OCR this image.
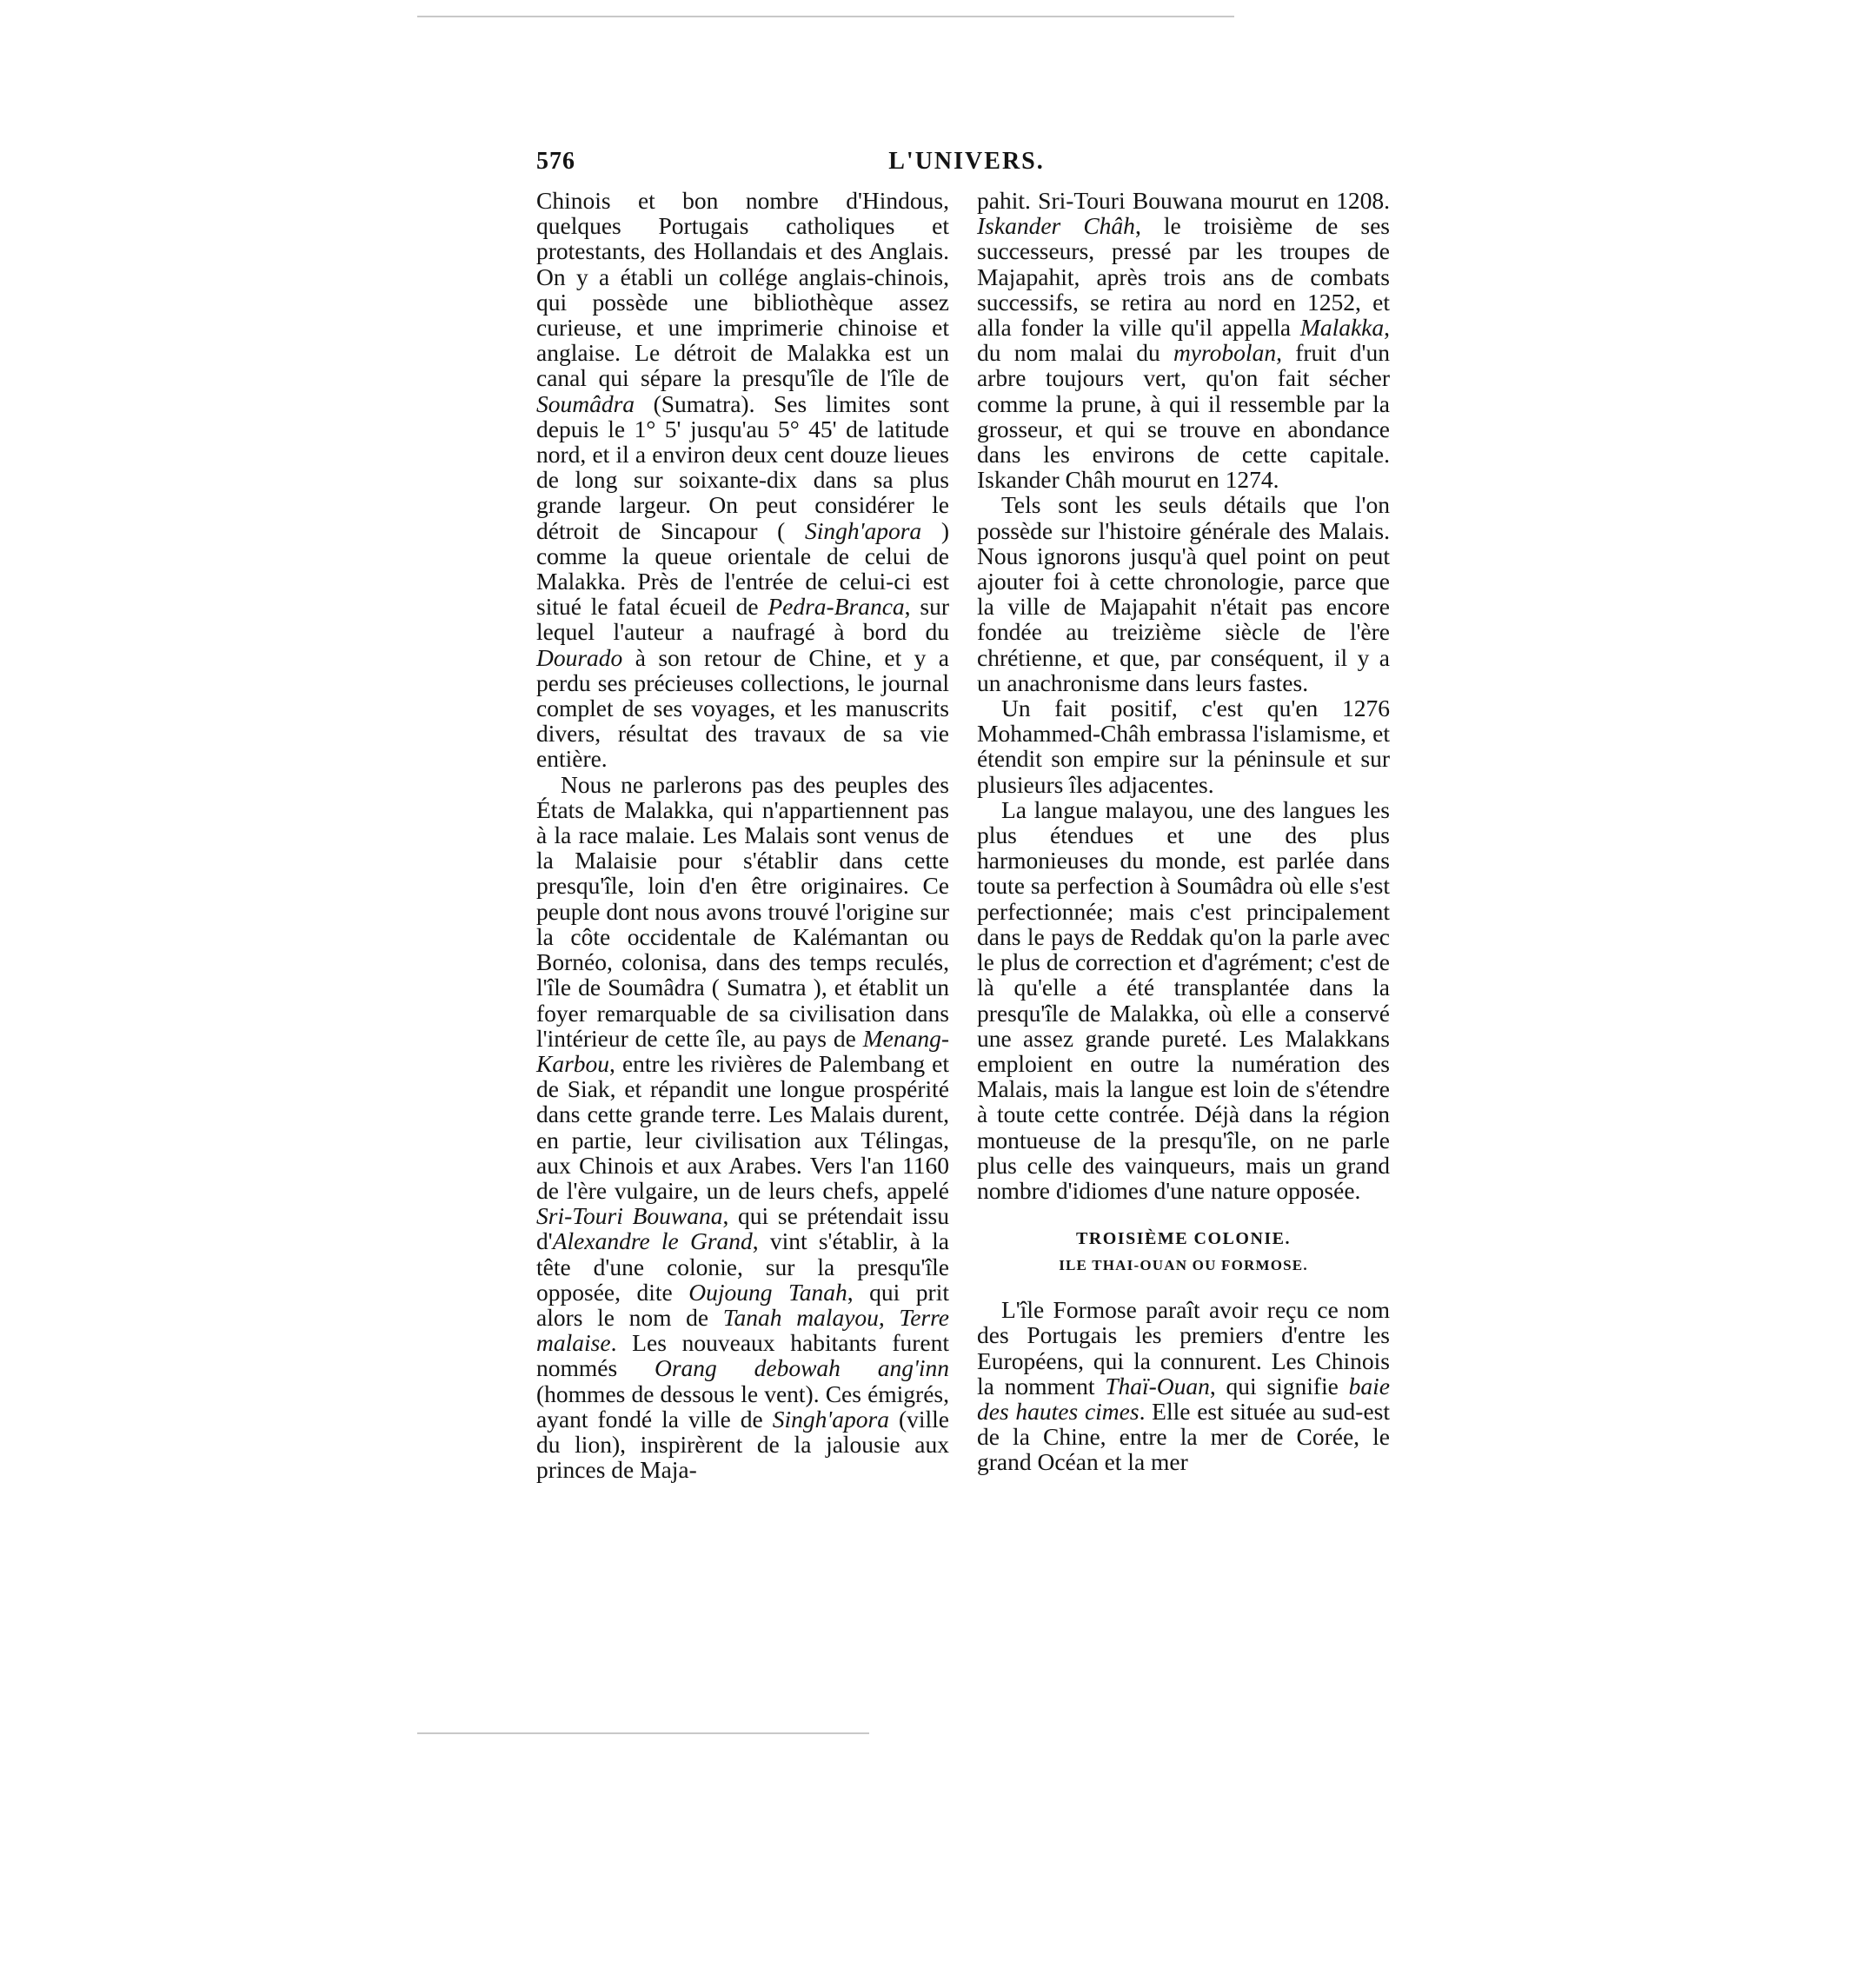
576	L'UNIVERS.

Chinois et bon nombre d'Hindous, quelques Portugais catholiques et protestants, des Hollandais et des Anglais. On y a établi un collége anglais-chinois, qui possède une bibliothèque assez curieuse, et une imprimerie chinoise et anglaise. Le détroit de Malakka est un canal qui sépare la presqu'île de l'île de Soumâdra (Sumatra). Ses limites sont depuis le 1° 5' jusqu'au 5° 45' de latitude nord, et il a environ deux cent douze lieues de long sur soixante-dix dans sa plus grande largeur. On peut considérer le détroit de Sincapour ( Singh'apora ) comme la queue orientale de celui de Malakka. Près de l'entrée de celui-ci est situé le fatal écueil de Pedra-Branca, sur lequel l'auteur a naufragé à bord du Dourado à son retour de Chine, et y a perdu ses précieuses collections, le journal complet de ses voyages, et les manuscrits divers, résultat des travaux de sa vie entière.

Nous ne parlerons pas des peuples des États de Malakka, qui n'appartiennent pas à la race malaie. Les Malais sont venus de la Malaisie pour s'établir dans cette presqu'île, loin d'en être originaires. Ce peuple dont nous avons trouvé l'origine sur la côte occidentale de Kalémantan ou Bornéo, colonisa, dans des temps reculés, l'île de Soumâdra ( Sumatra ), et établit un foyer remarquable de sa civilisation dans l'intérieur de cette île, au pays de Menang-Karbou, entre les rivières de Palembang et de Siak, et répandit une longue prospérité dans cette grande terre. Les Malais durent, en partie, leur civilisation aux Télingas, aux Chinois et aux Arabes. Vers l'an 1160 de l'ère vulgaire, un de leurs chefs, appelé Sri-Touri Bouwana, qui se prétendait issu d'Alexandre le Grand, vint s'établir, à la tête d'une colonie, sur la presqu'île opposée, dite Oujoung Tanah, qui prit alors le nom de Tanah malayou, Terre malaise. Les nouveaux habitants furent nommés Orang debowah ang'inn (hommes de dessous le vent). Ces émigrés, ayant fondé la ville de Singh'apora (ville du lion), inspirèrent de la jalousie aux princes de Maja-

pahit. Sri-Touri Bouwana mourut en 1208. Iskander Châh, le troisième de ses successeurs, pressé par les troupes de Majapahit, après trois ans de combats successifs, se retira au nord en 1252, et alla fonder la ville qu'il appella Malakka, du nom malai du myrobolan, fruit d'un arbre toujours vert, qu'on fait sécher comme la prune, à qui il ressemble par la grosseur, et qui se trouve en abondance dans les environs de cette capitale. Iskander Châh mourut en 1274.

Tels sont les seuls détails que l'on possède sur l'histoire générale des Malais. Nous ignorons jusqu'à quel point on peut ajouter foi à cette chronologie, parce que la ville de Majapahit n'était pas encore fondée au treizième siècle de l'ère chrétienne, et que, par conséquent, il y a un anachronisme dans leurs fastes.

Un fait positif, c'est qu'en 1276 Mohammed-Châh embrassa l'islamisme, et étendit son empire sur la péninsule et sur plusieurs îles adjacentes.

La langue malayou, une des langues les plus étendues et une des plus harmonieuses du monde, est parlée dans toute sa perfection à Soumâdra où elle s'est perfectionnée; mais c'est principalement dans le pays de Reddak qu'on la parle avec le plus de correction et d'agrément; c'est de là qu'elle a été transplantée dans la presqu'île de Malakka, où elle a conservé une assez grande pureté. Les Malakkans emploient en outre la numération des Malais, mais la langue est loin de s'étendre à toute cette contrée. Déjà dans la région montueuse de la presqu'île, on ne parle plus celle des vainqueurs, mais un grand nombre d'idiomes d'une nature opposée.

TROISIÈME COLONIE.
ILE THAI-OUAN OU FORMOSE.

L'île Formose paraît avoir reçu ce nom des Portugais les premiers d'entre les Européens, qui la connurent. Les Chinois la nomment Thaï-Ouan, qui signifie baie des hautes cimes. Elle est située au sud-est de la Chine, entre la mer de Corée, le grand Océan et la mer
